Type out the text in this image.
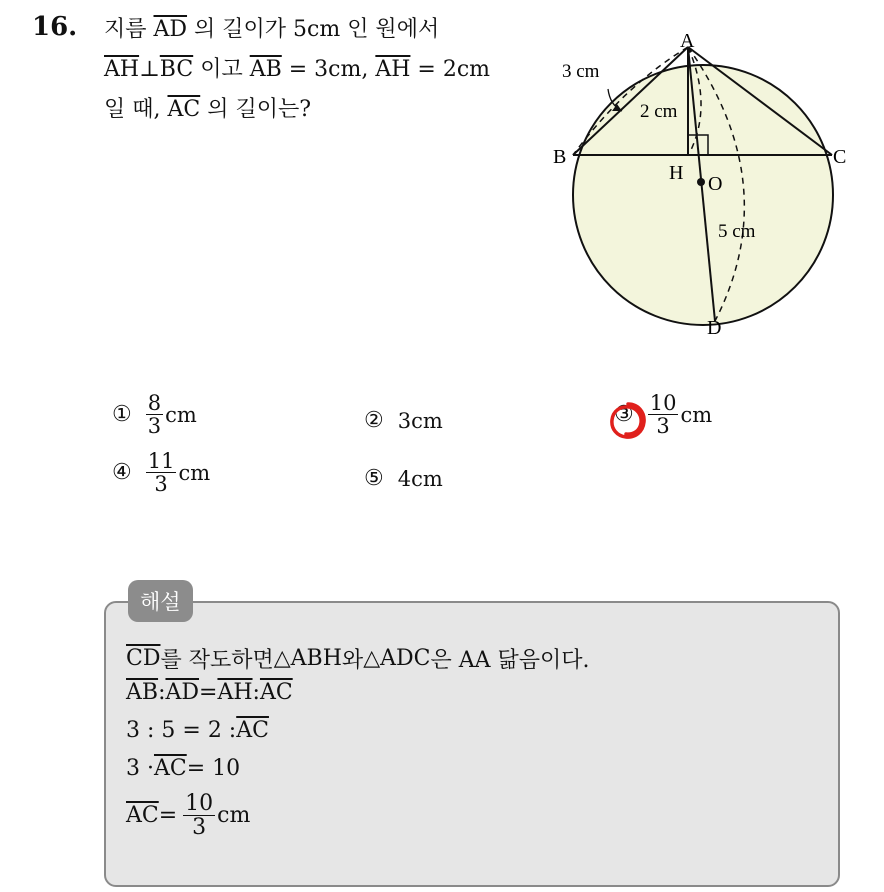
16. 지름 $\overline{AD}$ 의 길이가 5cm 인 원에서
$\overline{AH}\perp\overline{BC}$ 이고 $\overline{AB} = 3cm$, $\overline{AH} = 2cm$
일 때, $\overline{AC}$ 의 길이는?
A
B	C
H O
D
3 cm
2 cm
5 cm
① $\frac{8}{3}$ cm	② 3cm	③ $\frac{10}{3}$ cm
④ $\frac{11}{3}$ cm	⑤ 4cm
해설
$\overline{CD}$ 를 작도하면 △ABH 와 △ADC 은 AA 닮음이다.
$\overline{AB}$ : $\overline{AD} = \overline{AH}$ : $\overline{AC}$
3 : 5 = 2 : $\overline{AC}$
$3 \cdot \overline{AC} = 10$
$\overline{AC} = \frac{10}{3}$ cm
